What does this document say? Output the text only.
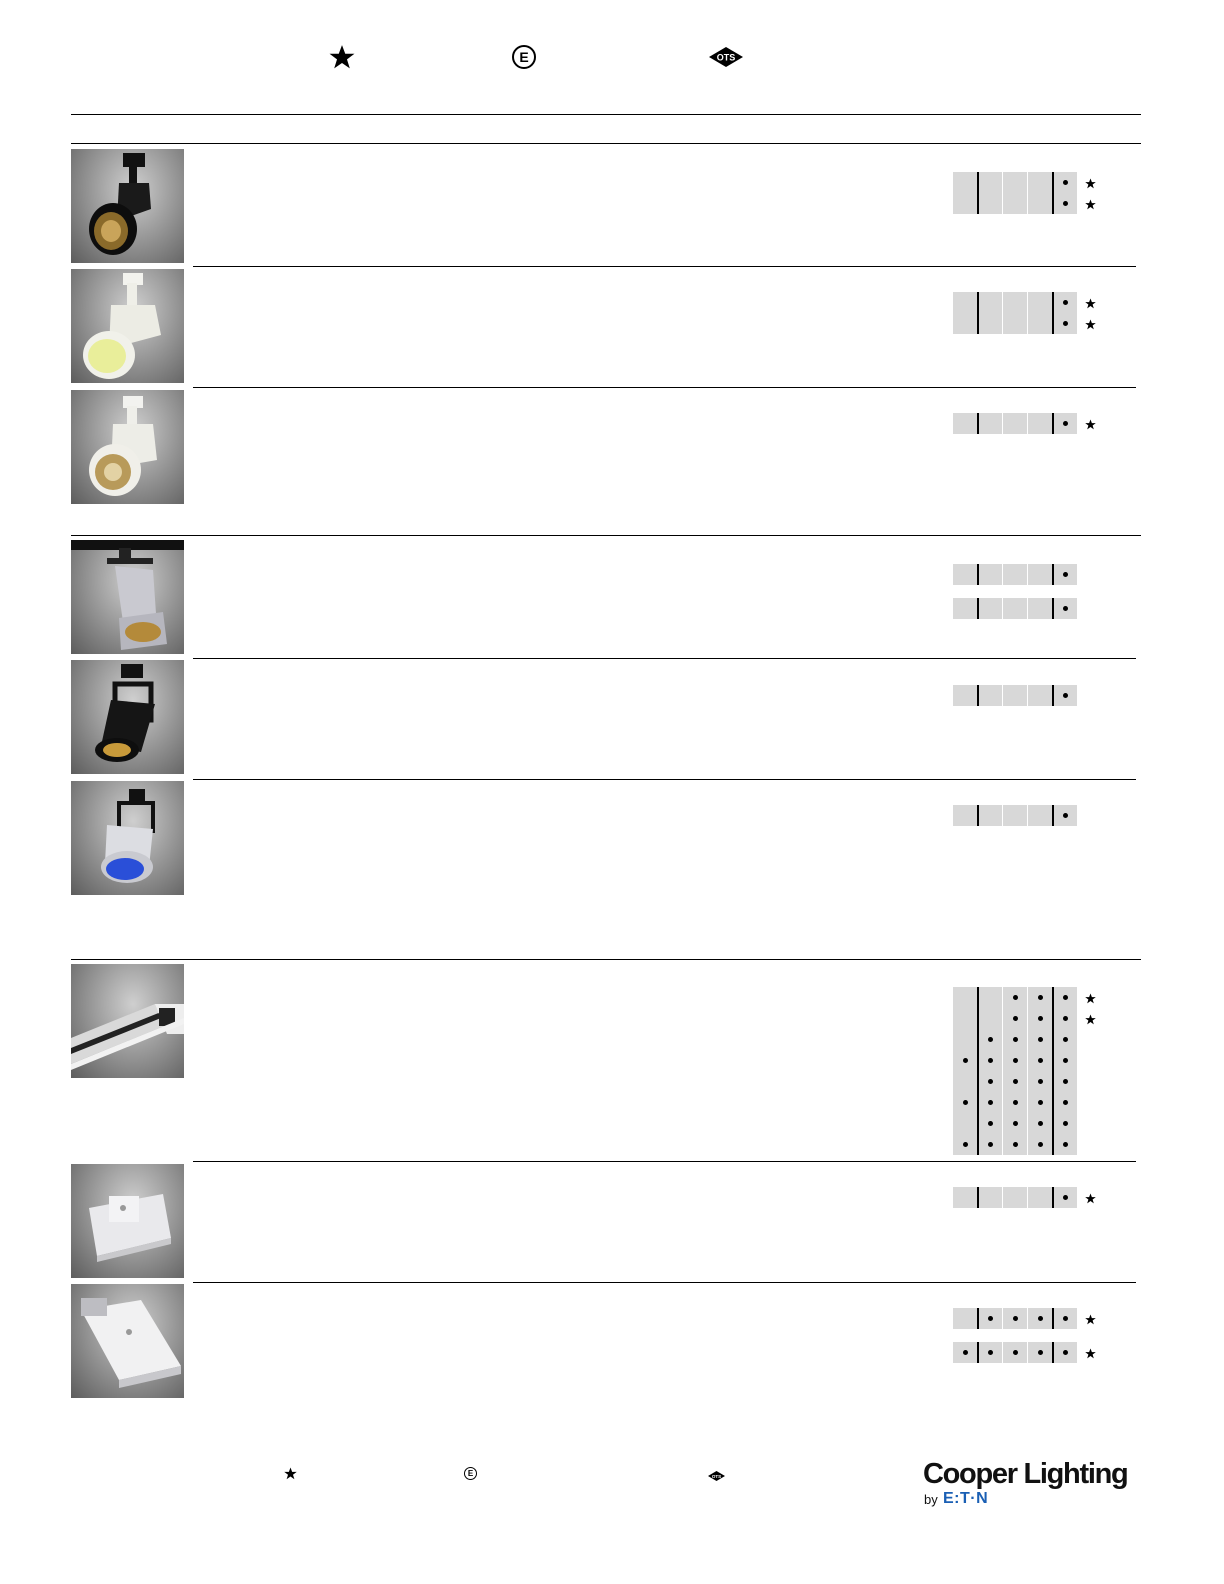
E	OTS
E	OTS	Cooper Lighting
by E:T·N
